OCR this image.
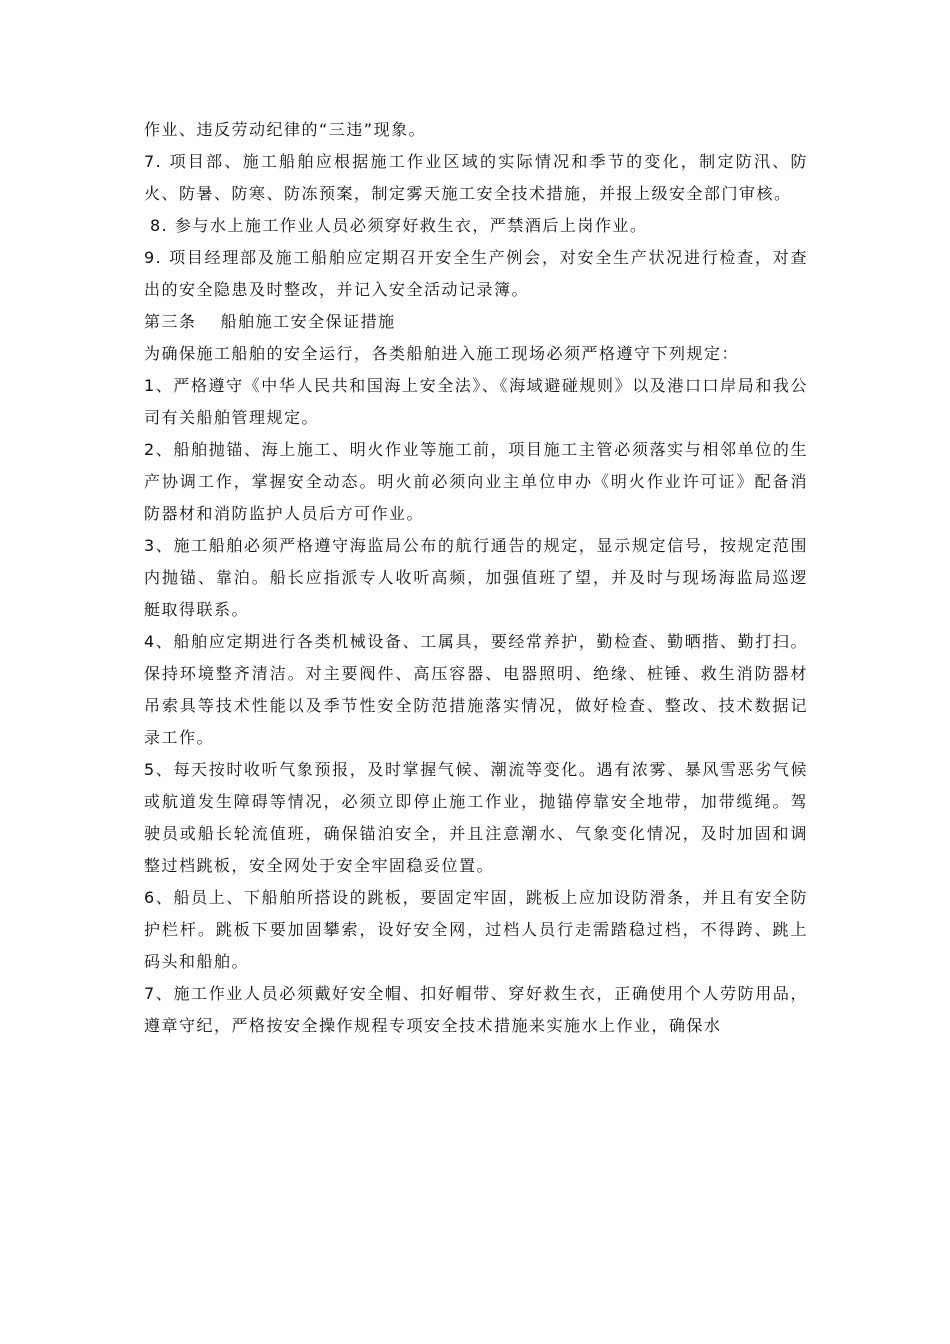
作业、违反劳动纪律的“三违”现象。

7. 项目部、施工船舶应根据施工作业区域的实际情况和季节的变化，制定防汛、防火、防暑、防寒、防冻预案，制定雾天施工安全技术措施，并报上级安全部门审核。

8. 参与水上施工作业人员必须穿好救生衣，严禁酒后上岗作业。

9. 项目经理部及施工船舶应定期召开安全生产例会，对安全生产状况进行检查，对查出的安全隐患及时整改，并记入安全活动记录簿。

第三条　 船舶施工安全保证措施

为确保施工船舶的安全运行，各类船舶进入施工现场必须严格遵守下列规定：

1、严格遵守《中华人民共和国海上安全法》、《海域避碰规则》以及港口口岸局和我公司有关船舶管理规定。

2、船舶抛锚、海上施工、明火作业等施工前，项目施工主管必须落实与相邻单位的生产协调工作，掌握安全动态。明火前必须向业主单位申办《明火作业许可证》配备消防器材和消防监护人员后方可作业。

3、施工船舶必须严格遵守海监局公布的航行通告的规定，显示规定信号，按规定范围内抛锚、靠泊。船长应指派专人收听高频，加强值班了望，并及时与现场海监局巡逻艇取得联系。

4、船舶应定期进行各类机械设备、工属具，要经常养护，勤检查、勤晒揩、勤打扫。保持环境整齐清洁。对主要阀件、高压容器、电器照明、绝缘、桩锤、救生消防器材吊索具等技术性能以及季节性安全防范措施落实情况，做好检查、整改、技术数据记录工作。

5、每天按时收听气象预报，及时掌握气候、潮流等变化。遇有浓雾、暴风雪恶劣气候或航道发生障碍等情况，必须立即停止施工作业，抛锚停靠安全地带，加带缆绳。驾驶员或船长轮流值班，确保锚泊安全，并且注意潮水、气象变化情况，及时加固和调整过档跳板，安全网处于安全牢固稳妥位置。

6、船员上、下船舶所搭设的跳板，要固定牢固，跳板上应加设防滑条，并且有安全防护栏杆。跳板下要加固攀索，设好安全网，过档人员行走需踏稳过档，不得跨、跳上码头和船舶。

7、施工作业人员必须戴好安全帽、扣好帽带、穿好救生衣，正确使用个人劳防用品，遵章守纪，严格按安全操作规程专项安全技术措施来实施水上作业，确保水
